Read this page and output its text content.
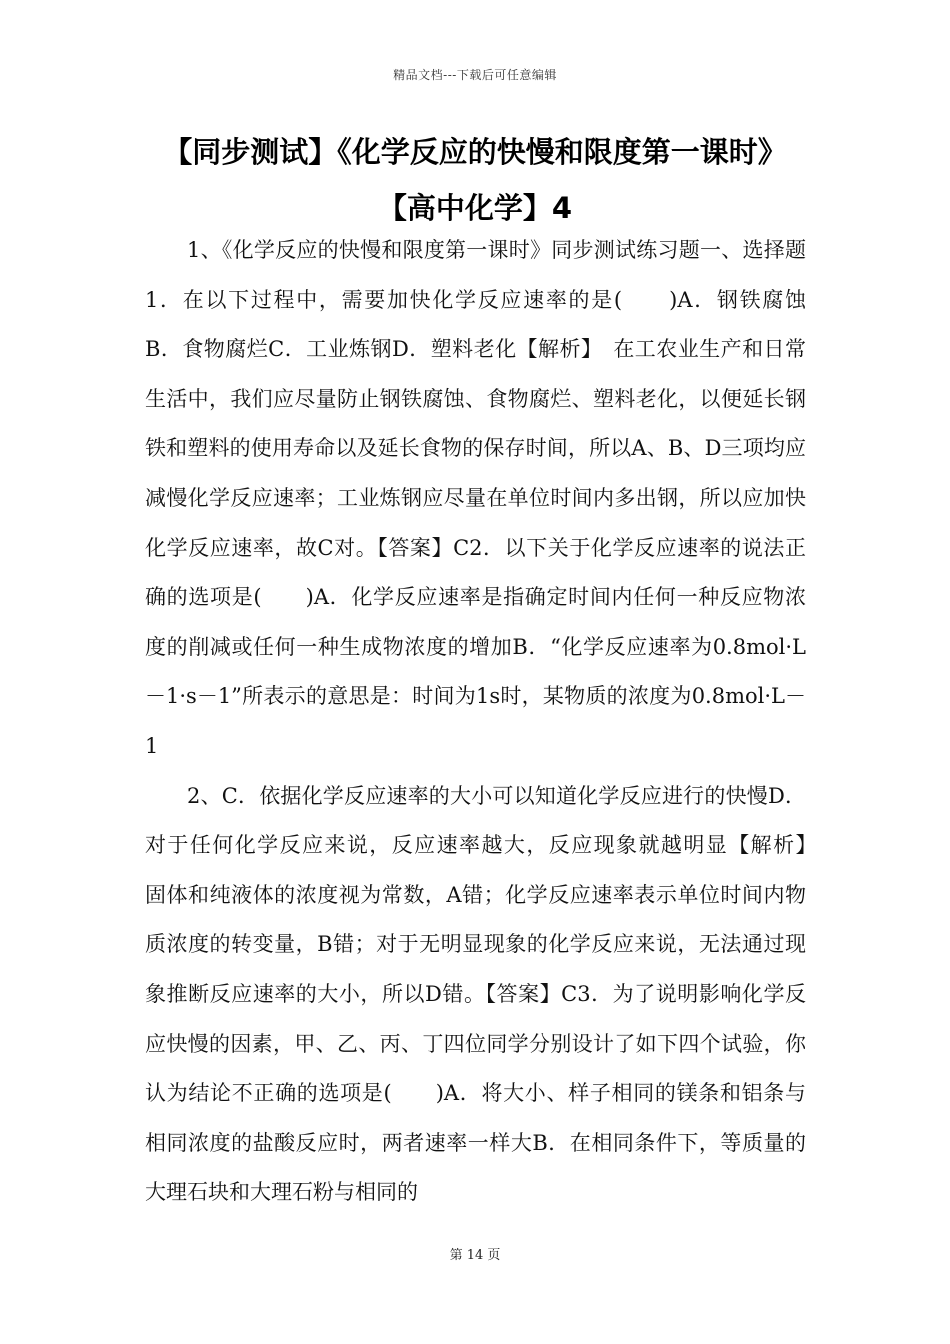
精品文档---下载后可任意编辑
【同步测试】《化学反应的快慢和限度第一课时》【高中化学】4

1、《化学反应的快慢和限度第一课时》同步测试练习题一、选择题1．在以下过程中，需要加快化学反应速率的是(　　)A．钢铁腐蚀　　B．食物腐烂C．工业炼钢D．塑料老化【解析】　在工农业生产和日常生活中，我们应尽量防止钢铁腐蚀、食物腐烂、塑料老化，以便延长钢铁和塑料的使用寿命以及延长食物的保存时间，所以A、B、D三项均应减慢化学反应速率；工业炼钢应尽量在单位时间内多出钢，所以应加快化学反应速率，故C对。【答案】C2．以下关于化学反应速率的说法正确的选项是(　　)A．化学反应速率是指确定时间内任何一种反应物浓度的削减或任何一种生成物浓度的增加B．“化学反应速率为0.8mol·L－1·s－1”所表示的意思是：时间为1s时，某物质的浓度为0.8mol·L－1

2、C．依据化学反应速率的大小可以知道化学反应进行的快慢D．对于任何化学反应来说，反应速率越大，反应现象就越明显【解析】　固体和纯液体的浓度视为常数，A错；化学反应速率表示单位时间内物质浓度的转变量，B错；对于无明显现象的化学反应来说，无法通过现象推断反应速率的大小，所以D错。【答案】C3．为了说明影响化学反应快慢的因素，甲、乙、丙、丁四位同学分别设计了如下四个试验，你认为结论不正确的选项是(　　)A．将大小、样子相同的镁条和铝条与相同浓度的盐酸反应时，两者速率一样大B．在相同条件下，等质量的大理石块和大理石粉与相同的

第 14 页
